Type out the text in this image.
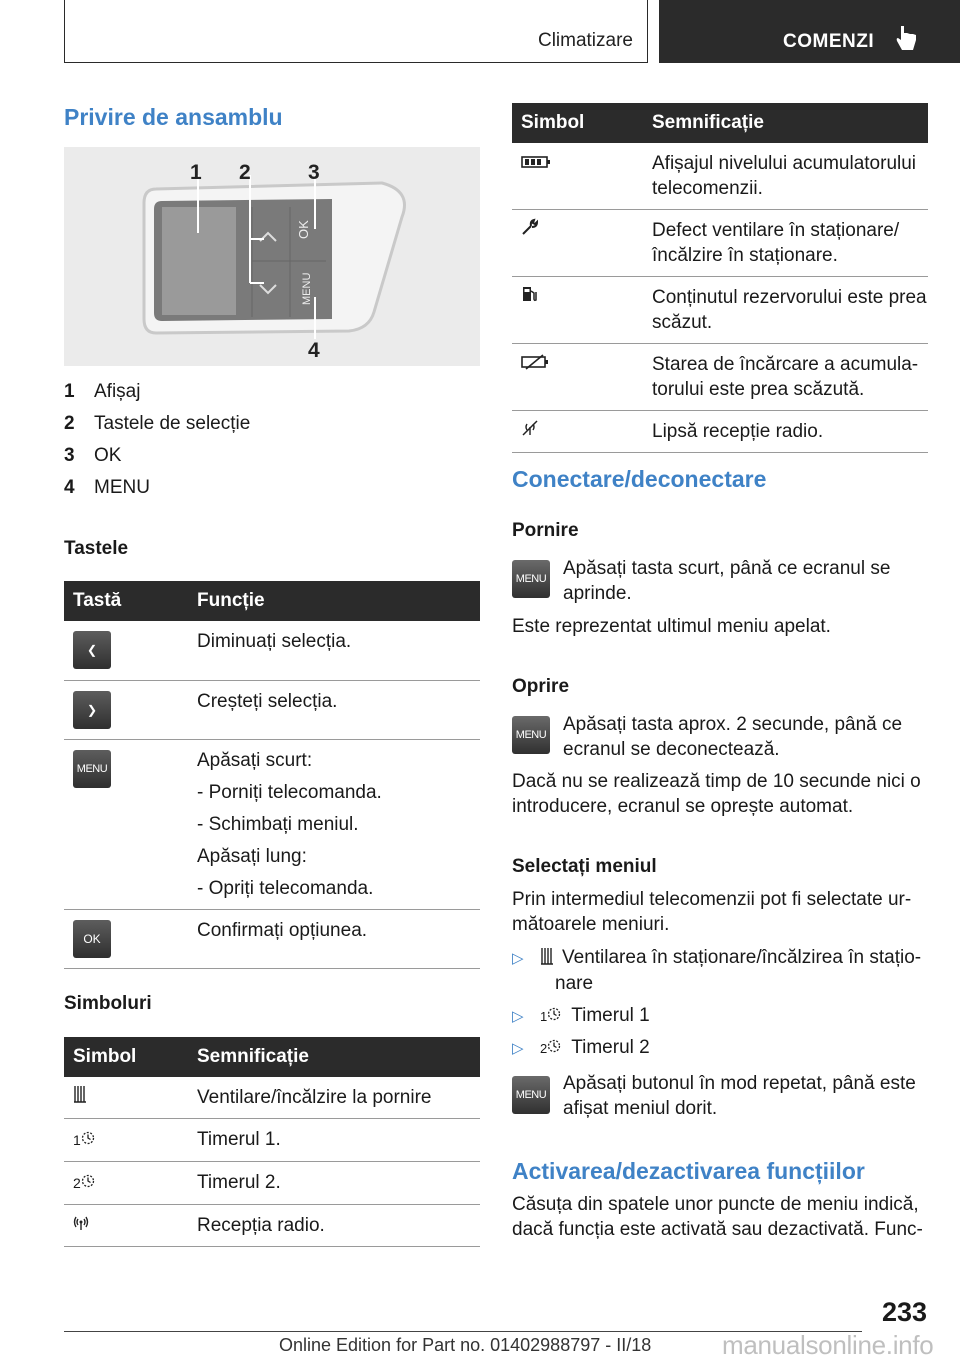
Climatizare	COMENZI
Privire de ansamblu
OK
MENU
1 2	3
4
1 Afișaj
2 Tastele de selecție
3 OK
4 MENU
Tastele
Tastă	Funcție
❮	Diminuați selecția.
❯	Creșteți selecția.
MENU	Apăsați scurt:
- Porniți telecomanda.
- Schimbați meniul.
Apăsați lung:
- Opriți telecomanda.

OK	Confirmați opțiunea.
Simboluri
Simbol	Semnificație
	Ventilare/încălzire la pornire
1	Timerul 1.
2	Timerul 2.
	Recepția radio.
Simbol	Semnificație
	Afișajul nivelului acumulatorului telecomenzii.
	Defect ventilare în staționare/ încălzire în staționare.
	Conținutul rezervorului este prea scăzut.
	Starea de încărcare a acumula-torului este prea scăzută.
	Lipsă recepție radio.
Conectare/deconectare
Pornire
MENU Apăsați tasta scurt, până ce ecranul se aprinde.
Este reprezentat ultimul meniu apelat.
Oprire
MENU Apăsați tasta aprox. 2 secunde, până ce ecranul se deconectează.
Dacă nu se realizează timp de 10 secunde nici o introducere, ecranul se oprește automat.
Selectați meniul
Prin intermediul telecomenzii pot fi selectate ur-mătoarele meniuri.
▷ Ventilarea în staționare/încălzirea în stațio-
nare
▷ 1 Timerul 1
▷ 2 Timerul 2
MENU
Apăsați butonul în mod repetat, până este afișat meniul dorit.
Activarea/dezactivarea funcțiilor
Căsuța din spatele unor puncte de meniu indică, dacă funcția este activată sau dezactivată. Func-
233
Online Edition for Part no. 01402988797 - II/18	manualsonline.info
